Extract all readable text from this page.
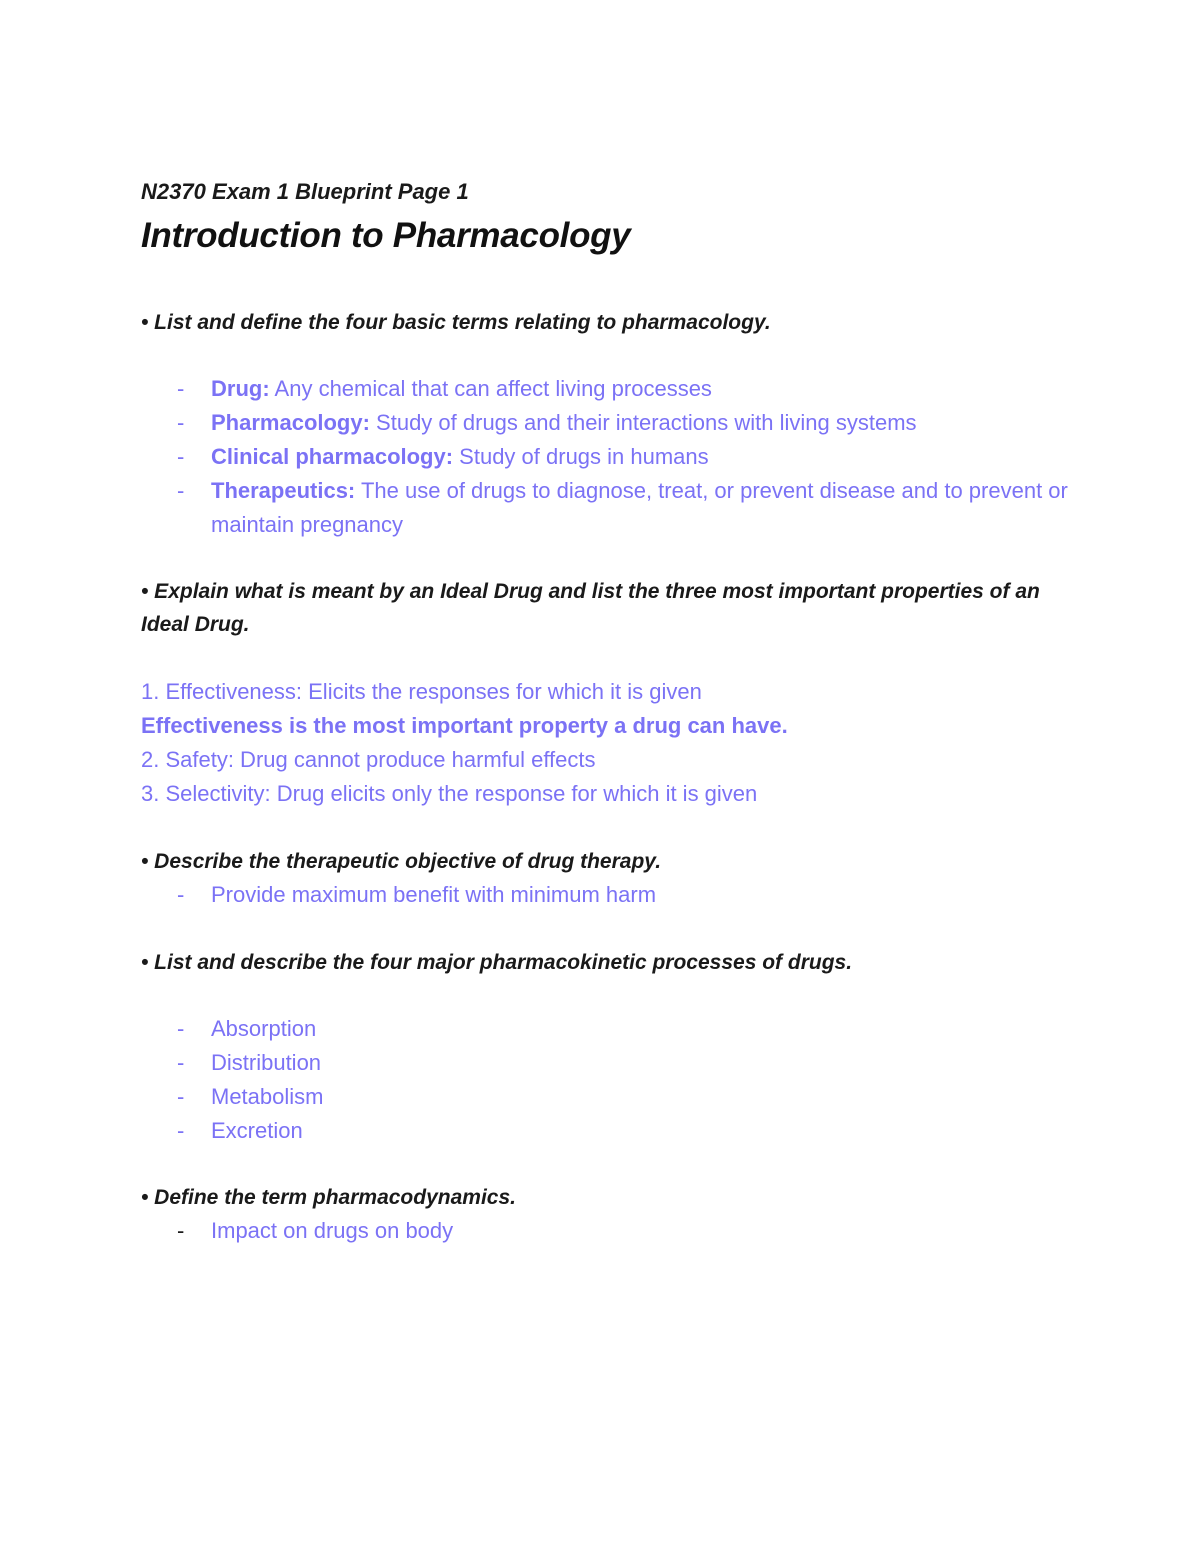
N2370 Exam 1 Blueprint Page 1

Introduction to Pharmacology

• List and define the four basic terms relating to pharmacology.

- Drug: Any chemical that can affect living processes
- Pharmacology: Study of drugs and their interactions with living systems
- Clinical pharmacology: Study of drugs in humans
- Therapeutics: The use of drugs to diagnose, treat, or prevent disease and to prevent or maintain pregnancy

• Explain what is meant by an Ideal Drug and list the three most important properties of an Ideal Drug.

1. Effectiveness: Elicits the responses for which it is given

Effectiveness is the most important property a drug can have.

2. Safety: Drug cannot produce harmful effects

3. Selectivity: Drug elicits only the response for which it is given

• Describe the therapeutic objective of drug therapy.

- Provide maximum benefit with minimum harm

• List and describe the four major pharmacokinetic processes of drugs.

- Absorption
- Distribution
- Metabolism
- Excretion

• Define the term pharmacodynamics.

- Impact on drugs on body
